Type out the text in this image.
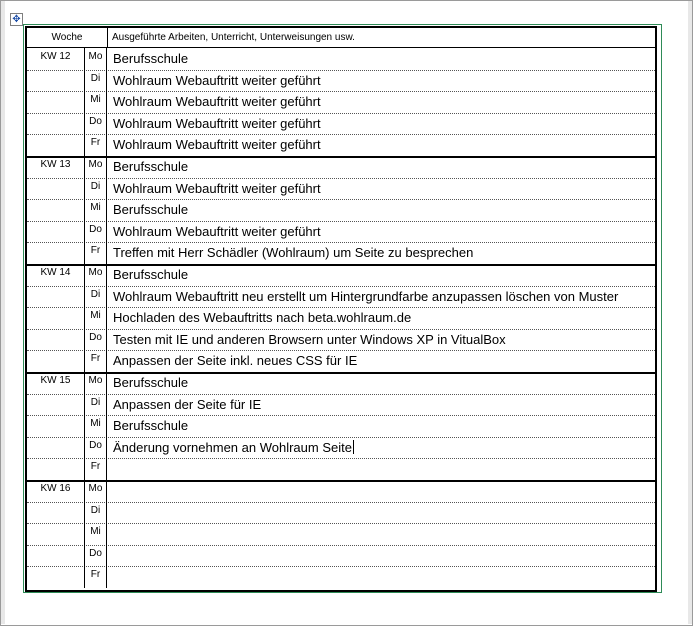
✥
Woche	Ausgeführte Arbeiten, Unterricht, Unterweisungen usw.
KW 12	Mo Berufsschule
Di Wohlraum Webauftritt weiter geführt
Mi Wohlraum Webauftritt weiter geführt
Do Wohlraum Webauftritt weiter geführt
Fr Wohlraum Webauftritt weiter geführt
KW 13	Mo Berufsschule
Di Wohlraum Webauftritt weiter geführt
Mi Berufsschule
Do Wohlraum Webauftritt weiter geführt
Fr Treffen mit Herr Schädler (Wohlraum) um Seite zu besprechen
KW 14	Mo Berufsschule
Di Wohlraum Webauftritt neu erstellt um Hintergrundfarbe anzupassen löschen von Muster
Mi Hochladen des Webauftritts nach beta.wohlraum.de
Do Testen mit IE und anderen Browsern unter Windows XP in VitualBox
Fr Anpassen der Seite inkl. neues CSS für IE
KW 15	Mo Berufsschule
Di Anpassen der Seite für IE
Mi Berufsschule
Do Änderung vornehmen an Wohlraum Seite
Fr
KW 16	Mo
Di
Mi
Do
Fr
